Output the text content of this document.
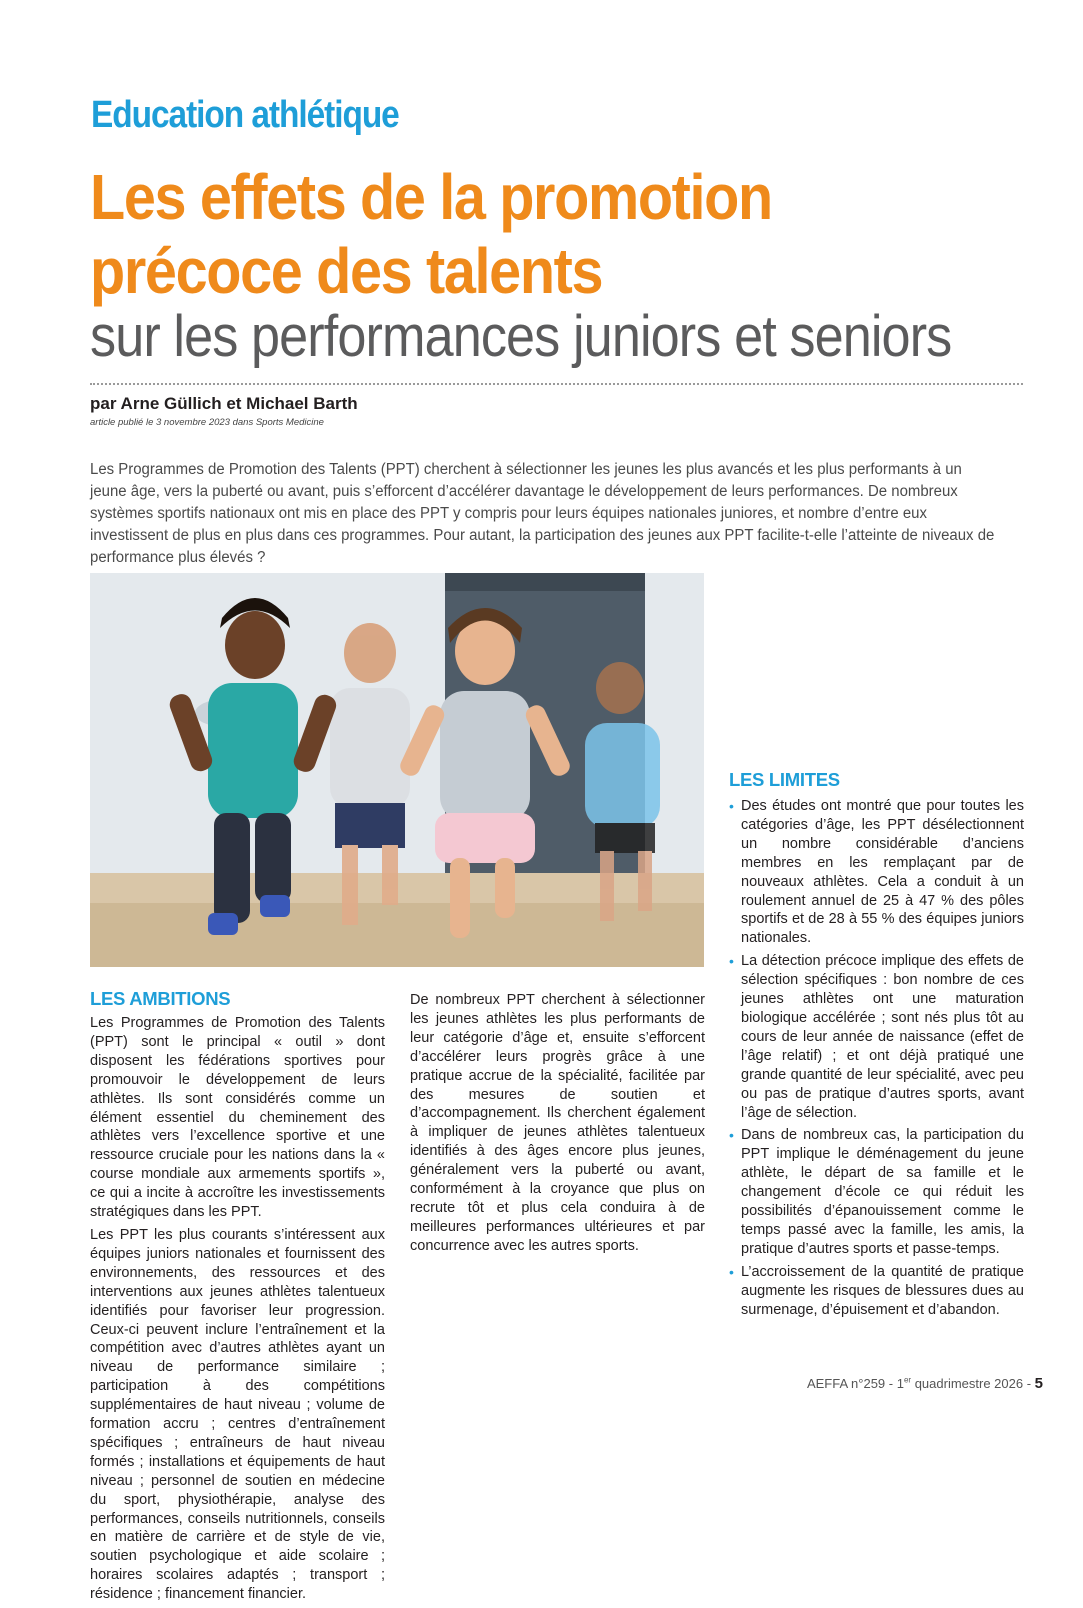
Education athlétique
Les effets de la promotion
précoce des talents
sur les performances juniors et seniors
par Arne Güllich et Michael Barth
article publié le 3 novembre 2023 dans Sports Medicine

Les Programmes de Promotion des Talents (PPT) cherchent à sélectionner les jeunes les plus avancés et les plus performants à un jeune âge, vers la puberté ou avant, puis s’efforcent d’accélérer davantage le développement de leurs performances. De nombreux systèmes sportifs nationaux ont mis en place des PPT y compris pour leurs équipes nationales juniores, et nombre d’entre eux investissent de plus en plus dans ces programmes. Pour autant, la participation des jeunes aux PPT facilite-t-elle l’atteinte de niveaux de performance plus élevés ?

LES AMBITIONS

Les Programmes de Promotion des Talents (PPT) sont le principal « outil » dont disposent les fédérations sportives pour promouvoir le développement de leurs athlètes. Ils sont considérés comme un élément essentiel du cheminement des athlètes vers l’excellence sportive et une ressource cruciale pour les nations dans la « course mondiale aux armements sportifs », ce qui a incite à accroître les investissements stratégiques dans les PPT.

Les PPT les plus courants s’intéressent aux équipes juniors nationales et fournissent des environnements, des ressources et des interventions aux jeunes athlètes talentueux identifiés pour favoriser leur progression. Ceux-ci peuvent inclure l’entraînement et la compétition avec d’autres athlètes ayant un niveau de performance similaire ; participation à des compétitions supplémentaires de haut niveau ; volume de formation accru ; centres d’entraînement spécifiques ; entraîneurs de haut niveau formés ; installations et équipements de haut niveau ; personnel de soutien en médecine du sport, physiothérapie, analyse des performances, conseils nutritionnels, conseils en matière de carrière et de style de vie, soutien psychologique et aide scolaire ; horaires scolaires adaptés ; transport ; résidence ; financement financier.

De nombreux PPT cherchent à sélectionner les jeunes athlètes les plus performants de leur catégorie d’âge et, ensuite s’efforcent d’accélérer leurs progrès grâce à une pratique accrue de la spécialité, facilitée par des mesures de soutien et d’accompagnement. Ils cherchent également à impliquer de jeunes athlètes talentueux identifiés à des âges encore plus jeunes, généralement vers la puberté ou avant, conformément à la croyance que plus on recrute tôt et plus cela conduira à de meilleures performances ultérieures et par concurrence avec les autres sports.

LES LIMITES
• Des études ont montré que pour toutes les catégories d’âge, les PPT désélectionnent un nombre considérable d’anciens membres en les remplaçant par de nouveaux athlètes. Cela a conduit à un roulement annuel de 25 à 47 % des pôles sportifs et de 28 à 55 % des équipes juniors nationales.
• La détection précoce implique des effets de sélection spécifiques : bon nombre de ces jeunes athlètes ont une maturation biologique accélérée ; sont nés plus tôt au cours de leur année de naissance (effet de l’âge relatif) ; et ont déjà pratiqué une grande quantité de leur spécialité, avec peu ou pas de pratique d’autres sports, avant l’âge de sélection.
• Dans de nombreux cas, la participation du PPT implique le déménagement du jeune athlète, le départ de sa famille et le changement d’école ce qui réduit les possibilités d’épanouissement comme le temps passé avec la famille, les amis, la pratique d’autres sports et passe-temps.
• L’accroissement de la quantité de pratique augmente les risques de blessures dues au surmenage, d’épuisement et d’abandon.
AEFFA n°259 - 1er quadrimestre 2026 - 5
